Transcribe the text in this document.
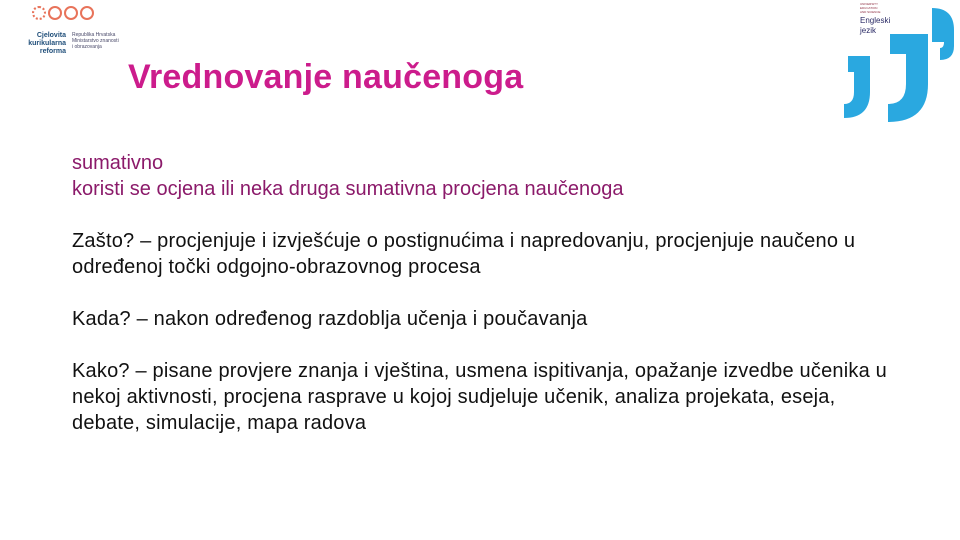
Cjelovita
kurikularna
reforma
Republika Hrvatska
Ministarstvo znanosti
i obrazovanja
UNIVERSITY
EDUCATION
AND SCIENCE
Engleski
jezik
Vrednovanje naučenoga

sumativno

koristi se ocjena ili neka druga sumativna procjena naučenoga

Zašto? – procjenjuje i izvješćuje o postignućima i napredovanju, procjenjuje naučeno u određenoj točki odgojno-obrazovnog procesa

Kada? – nakon određenog razdoblja učenja i poučavanja

Kako? – pisane provjere znanja i vještina, usmena ispitivanja, opažanje izvedbe učenika u nekoj aktivnosti, procjena rasprave u kojoj sudjeluje učenik, analiza projekata, eseja, debate, simulacije, mapa radova
